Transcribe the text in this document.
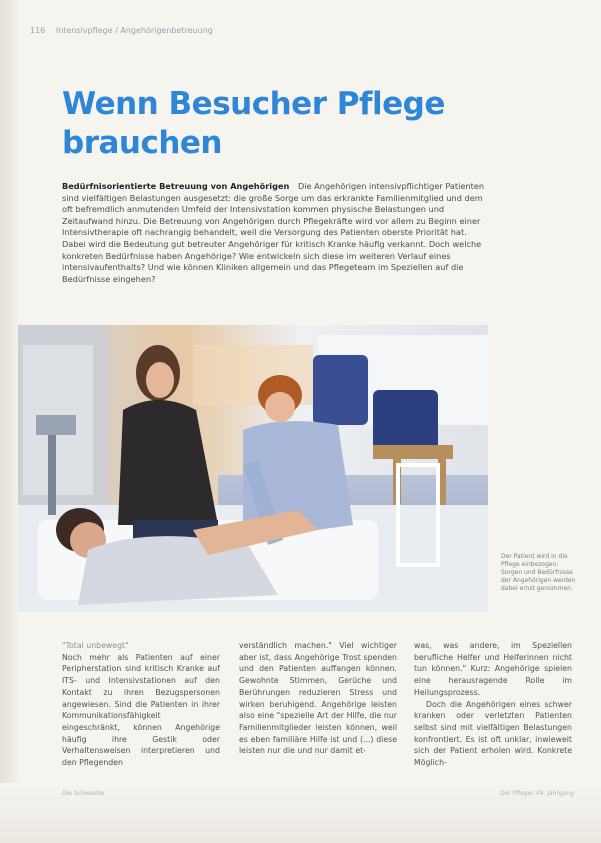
116 Intensivpflege / Angehörigenbetreuung
Wenn Besucher Pflege brauchen

Bedürfnisorientierte Betreuung von Angehörigen Die Angehörigen intensivpflichtiger Patienten sind vielfältigen Belastungen ausgesetzt: die große Sorge um das erkrankte Familienmitglied und dem oft befremdlich anmutenden Umfeld der Intensivstation kommen physische Belastungen und Zeitaufwand hinzu. Die Betreuung von Angehörigen durch Pflegekräfte wird vor allem zu Beginn einer Intensivtherapie oft nachrangig behandelt, weil die Versorgung des Patienten oberste Priorität hat. Dabei wird die Bedeutung gut betreuter Angehöriger für kritisch Kranke häufig verkannt. Doch welche konkreten Bedürfnisse haben Angehörige? Wie entwickeln sich diese im weiteren Verlauf eines intensivaufenthalts? Und wie können Kliniken allgemein und das Pflegeteam im Speziellen auf die Bedürfnisse eingehen?

Der Patient wird in die Pflege einbezogen: Sorgen und Bedürfnisse der Angehörigen werden dabei ernst genommen.
"Total unbewegt"

Noch mehr als Patienten auf einer Peripherstation sind kritisch Kranke auf ITS- und Intensivstationen auf den Kontakt zu ihren Bezugspersonen angewiesen. Sind die Patienten in ihrer Kommunikationsfähigkeit eingeschränkt, können Angehörige häufig ihre Gestik oder Verhaltensweisen interpretieren und den Pflegenden

verständlich machen." Viel wichtiger aber ist, dass Angehörige Trost spenden und den Patienten auffangen können. Gewohnte Stimmen, Gerüche und Berührungen reduzieren Stress und wirken beruhigend. Angehörige leisten also eine "spezielle Art der Hilfe, die nur Familienmitglieder leisten können, weil es eben familiäre Hilfe ist und (...) diese leisten nur die und nur damit et-

was, was andere, im Speziellen berufliche Helfer und Helferinnen nicht tun können." Kurz: Angehörige spielen eine herausragende Rolle im Heilungsprozess.

Doch die Angehörigen eines schwer kranken oder verletzten Patienten selbst sind mit vielfältigen Belastungen konfrontiert. Es ist oft unklar, inwieweit sich der Patient erholen wird. Konkrete Möglich-

Die Schwester	Der Pfleger 49. Jahrgang
